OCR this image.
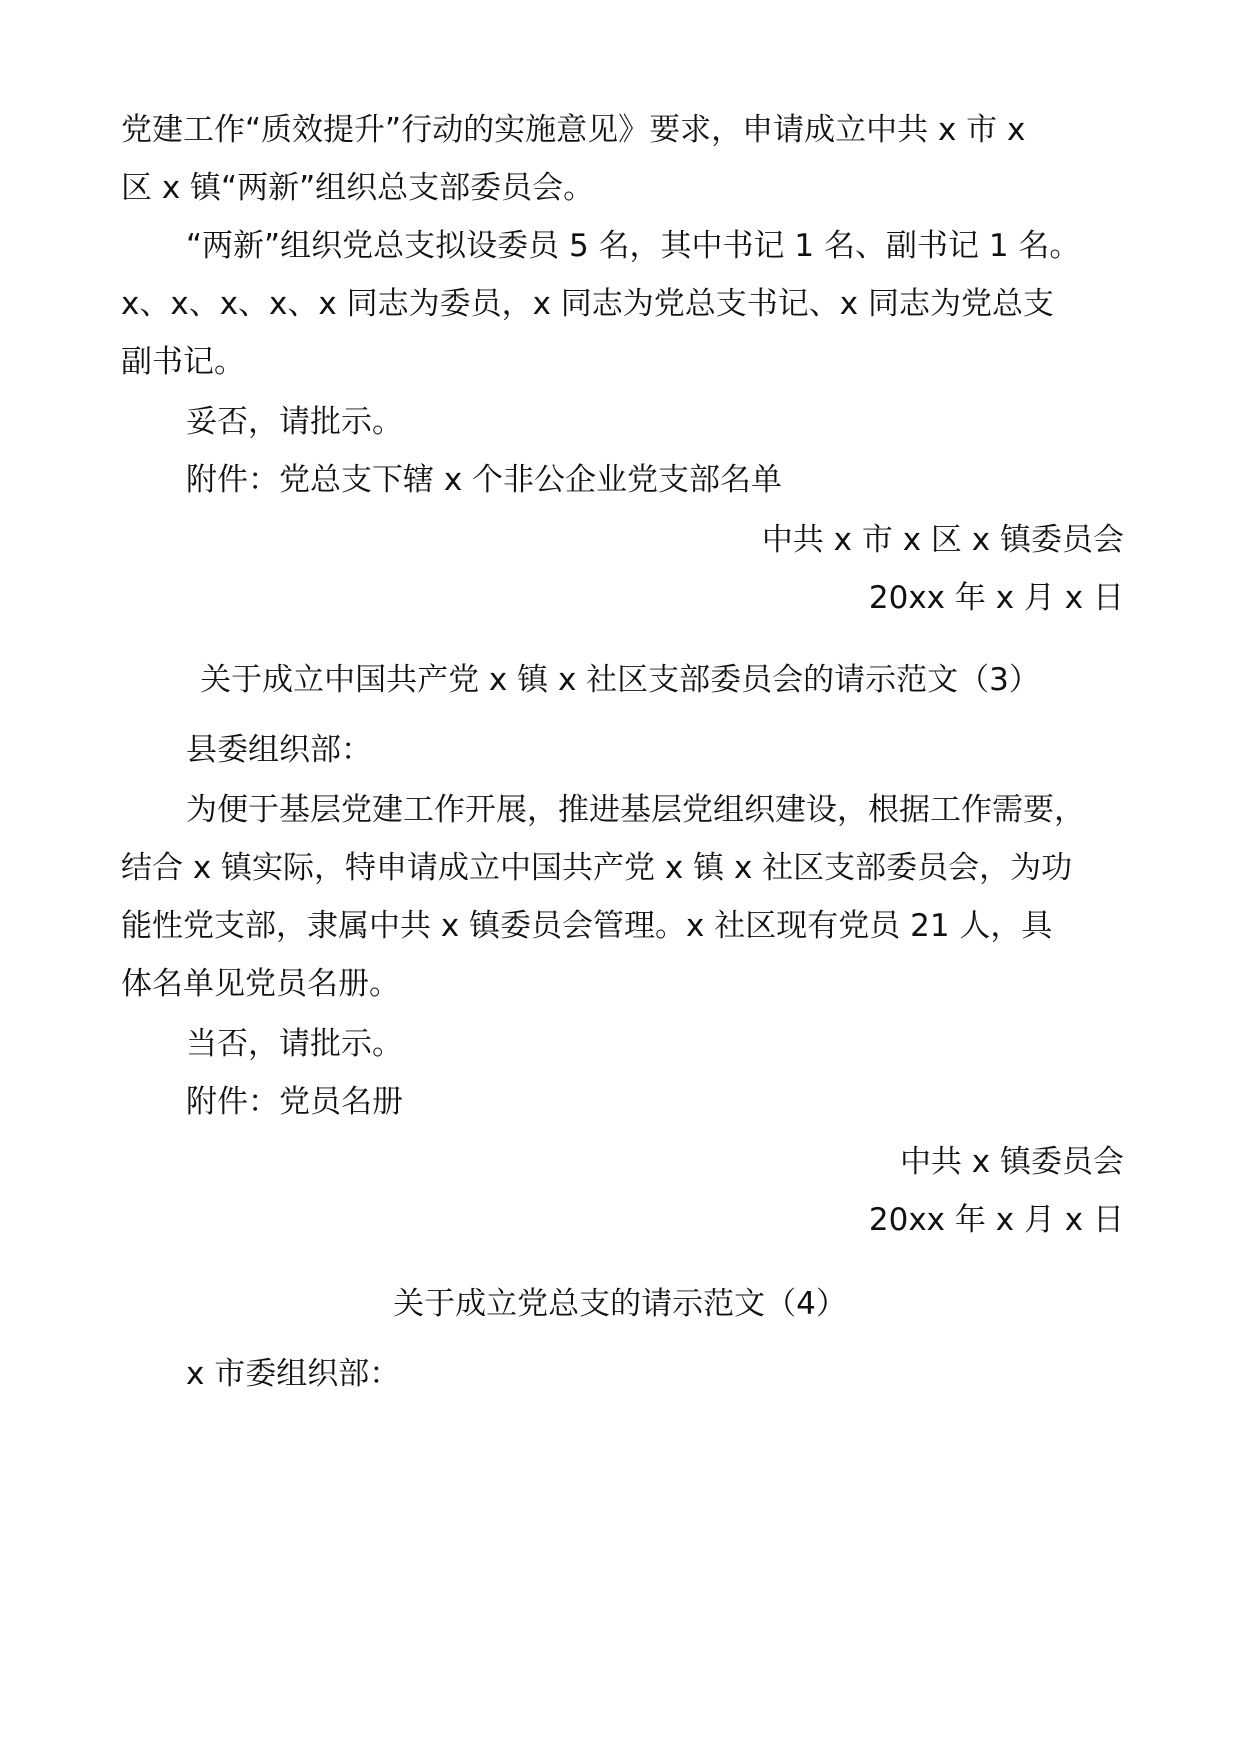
党建工作“质效提升”行动的实施意见》要求，申请成立中共 x 市 x
区 x 镇“两新”组织总支部委员会。
“两新”组织党总支拟设委员 5 名，其中书记 1 名、副书记 1 名。
x、x、x、x、x 同志为委员，x 同志为党总支书记、x 同志为党总支
副书记。
妥否，请批示。
附件：党总支下辖 x 个非公企业党支部名单
中共 x 市 x 区 x 镇委员会
20xx 年 x 月 x 日
关于成立中国共产党 x 镇 x 社区支部委员会的请示范文（3）
县委组织部：
为便于基层党建工作开展，推进基层党组织建设，根据工作需要，
结合 x 镇实际，特申请成立中国共产党 x 镇 x 社区支部委员会，为功
能性党支部，隶属中共 x 镇委员会管理。x 社区现有党员 21 人，具
体名单见党员名册。
当否，请批示。
附件：党员名册
中共 x 镇委员会
20xx 年 x 月 x 日
关于成立党总支的请示范文（4）
x 市委组织部：
